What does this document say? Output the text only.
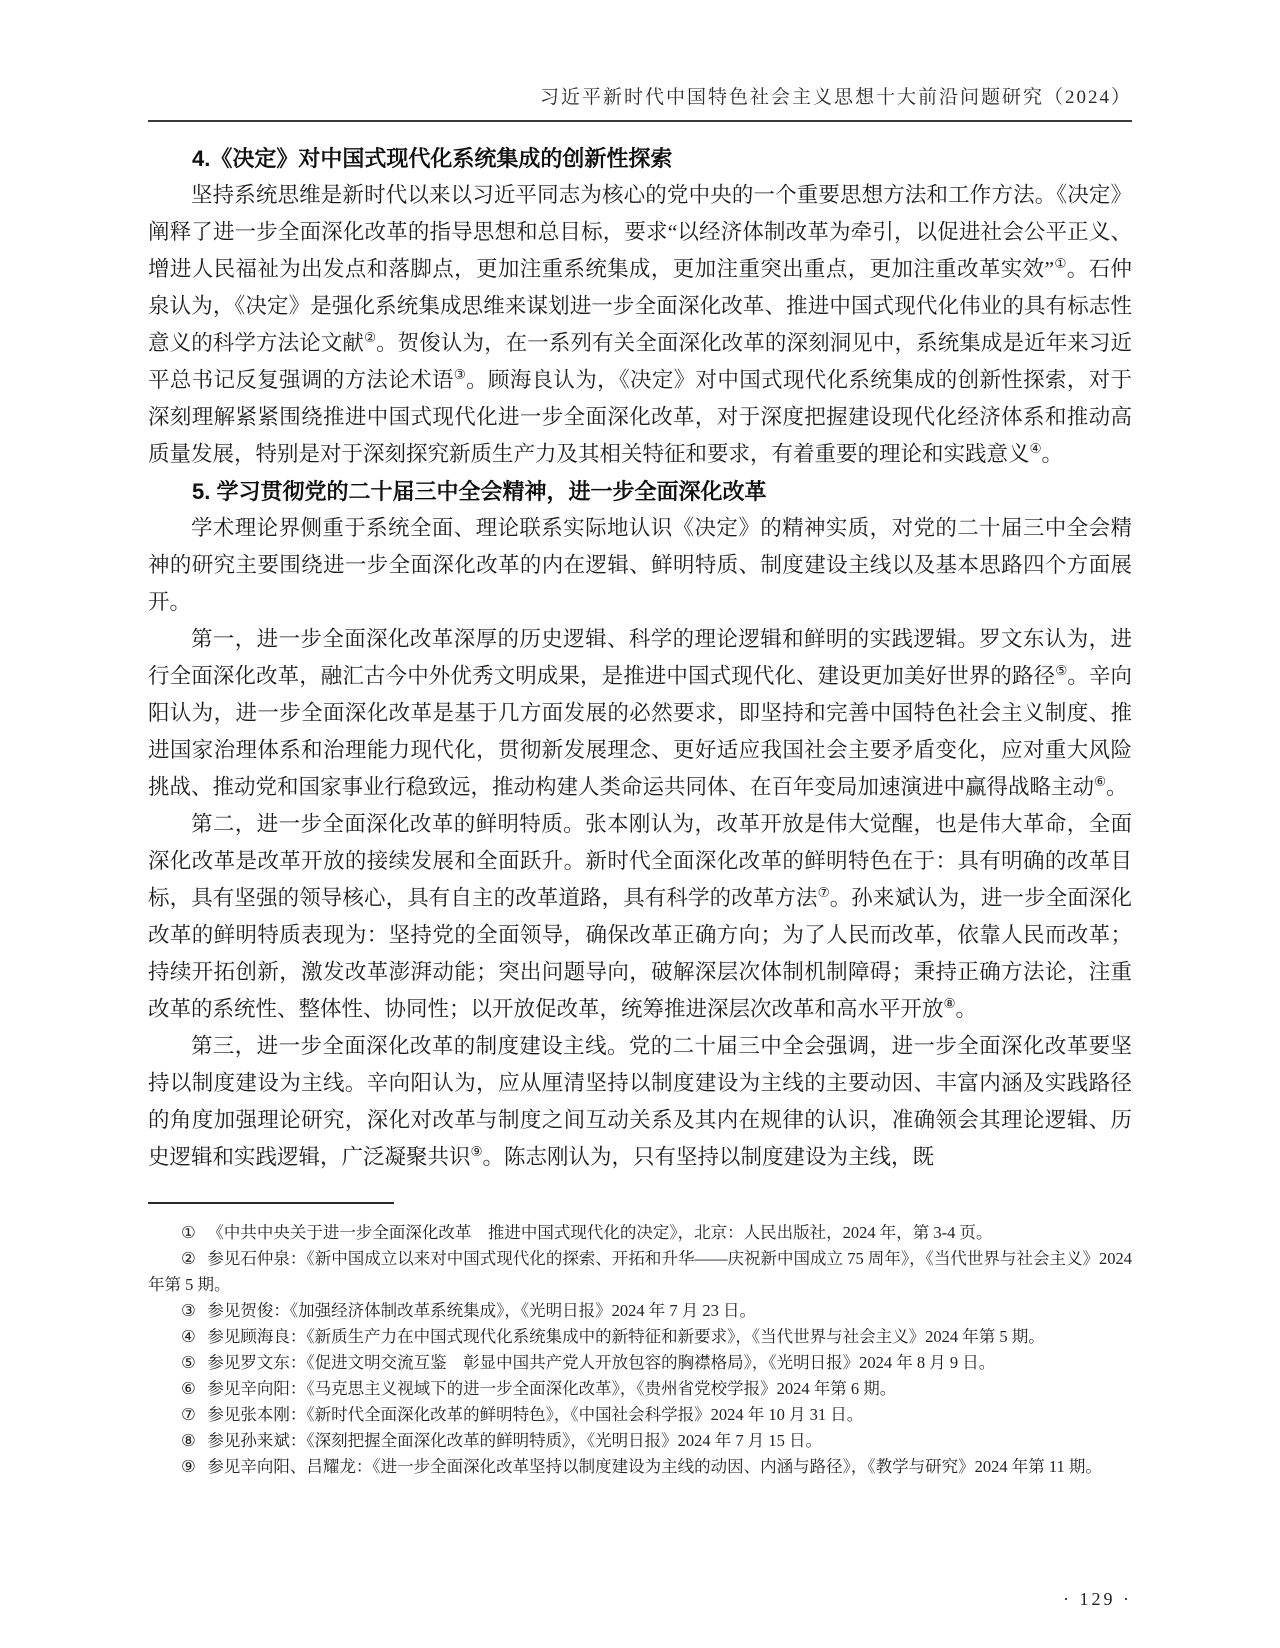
习近平新时代中国特色社会主义思想十大前沿问题研究（2024）
4.《决定》对中国式现代化系统集成的创新性探索

坚持系统思维是新时代以来以习近平同志为核心的党中央的一个重要思想方法和工作方法。《决定》阐释了进一步全面深化改革的指导思想和总目标，要求“以经济体制改革为牵引，以促进社会公平正义、增进人民福祉为出发点和落脚点，更加注重系统集成，更加注重突出重点，更加注重改革实效”①。石仲泉认为，《决定》是强化系统集成思维来谋划进一步全面深化改革、推进中国式现代化伟业的具有标志性意义的科学方法论文献②。贺俊认为，在一系列有关全面深化改革的深刻洞见中，系统集成是近年来习近平总书记反复强调的方法论术语③。顾海良认为，《决定》对中国式现代化系统集成的创新性探索，对于深刻理解紧紧围绕推进中国式现代化进一步全面深化改革，对于深度把握建设现代化经济体系和推动高质量发展，特别是对于深刻探究新质生产力及其相关特征和要求，有着重要的理论和实践意义④。

5. 学习贯彻党的二十届三中全会精神，进一步全面深化改革

学术理论界侧重于系统全面、理论联系实际地认识《决定》的精神实质，对党的二十届三中全会精神的研究主要围绕进一步全面深化改革的内在逻辑、鲜明特质、制度建设主线以及基本思路四个方面展开。

第一，进一步全面深化改革深厚的历史逻辑、科学的理论逻辑和鲜明的实践逻辑。罗文东认为，进行全面深化改革，融汇古今中外优秀文明成果，是推进中国式现代化、建设更加美好世界的路径⑤。辛向阳认为，进一步全面深化改革是基于几方面发展的必然要求，即坚持和完善中国特色社会主义制度、推进国家治理体系和治理能力现代化，贯彻新发展理念、更好适应我国社会主要矛盾变化，应对重大风险挑战、推动党和国家事业行稳致远，推动构建人类命运共同体、在百年变局加速演进中赢得战略主动⑥。

第二，进一步全面深化改革的鲜明特质。张本刚认为，改革开放是伟大觉醒，也是伟大革命，全面深化改革是改革开放的接续发展和全面跃升。新时代全面深化改革的鲜明特色在于：具有明确的改革目标，具有坚强的领导核心，具有自主的改革道路，具有科学的改革方法⑦。孙来斌认为，进一步全面深化改革的鲜明特质表现为：坚持党的全面领导，确保改革正确方向；为了人民而改革，依靠人民而改革；持续开拓创新，激发改革澎湃动能；突出问题导向，破解深层次体制机制障碍；秉持正确方法论，注重改革的系统性、整体性、协同性；以开放促改革，统筹推进深层次改革和高水平开放⑧。

第三，进一步全面深化改革的制度建设主线。党的二十届三中全会强调，进一步全面深化改革要坚持以制度建设为主线。辛向阳认为，应从厘清坚持以制度建设为主线的主要动因、丰富内涵及实践路径的角度加强理论研究，深化对改革与制度之间互动关系及其内在规律的认识，准确领会其理论逻辑、历史逻辑和实践逻辑，广泛凝聚共识⑨。陈志刚认为，只有坚持以制度建设为主线，既

① 《中共中央关于进一步全面深化改革　推进中国式现代化的决定》，北京：人民出版社，2024 年，第 3-4 页。

② 参见石仲泉：《新中国成立以来对中国式现代化的探索、开拓和升华——庆祝新中国成立 75 周年》，《当代世界与社会主义》2024 年第 5 期。

③ 参见贺俊：《加强经济体制改革系统集成》，《光明日报》2024 年 7 月 23 日。

④ 参见顾海良：《新质生产力在中国式现代化系统集成中的新特征和新要求》，《当代世界与社会主义》2024 年第 5 期。

⑤ 参见罗文东：《促进文明交流互鉴　彰显中国共产党人开放包容的胸襟格局》，《光明日报》2024 年 8 月 9 日。

⑥ 参见辛向阳：《马克思主义视域下的进一步全面深化改革》，《贵州省党校学报》2024 年第 6 期。

⑦ 参见张本刚：《新时代全面深化改革的鲜明特色》，《中国社会科学报》2024 年 10 月 31 日。

⑧ 参见孙来斌：《深刻把握全面深化改革的鲜明特质》，《光明日报》2024 年 7 月 15 日。

⑨ 参见辛向阳、吕耀龙：《进一步全面深化改革坚持以制度建设为主线的动因、内涵与路径》，《教学与研究》2024 年第 11 期。

· 129 ·
